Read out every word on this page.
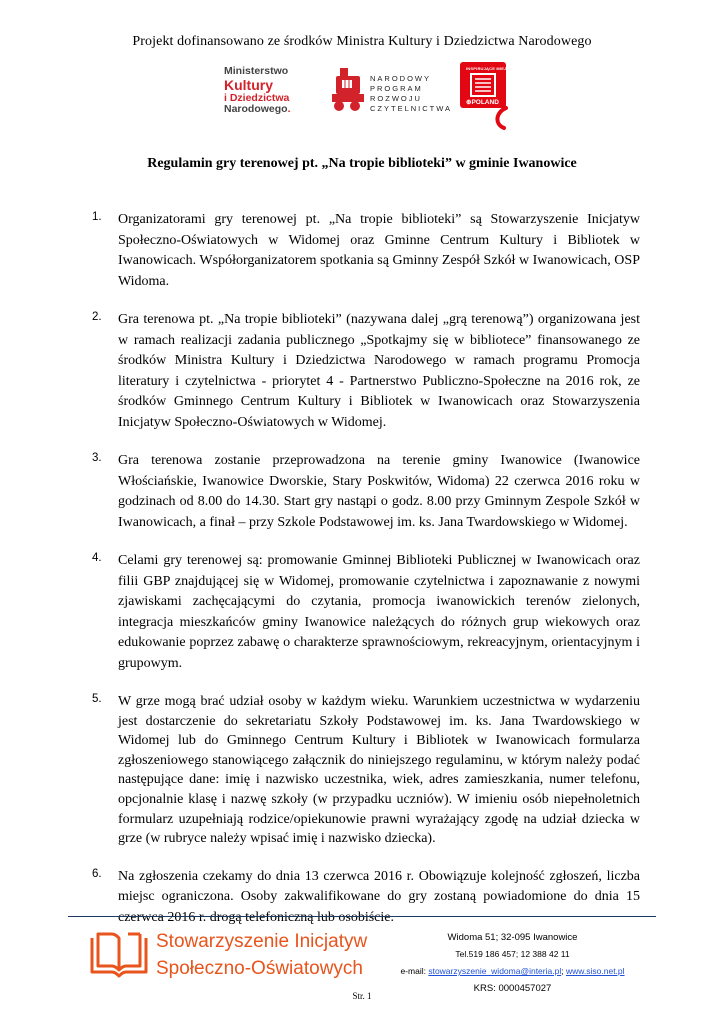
Projekt dofinansowano ze środków Ministra Kultury i Dziedzictwa Narodowego
Ministerstwo
Kultury
i Dziedzictwa
Narodowego.
NARODOWY
PROGRAM
ROZWOJU
CZYTELNICTWA
INSPIRUJĄCE MIEJSCE
⊕POLAND
Regulamin gry terenowej pt. „Na tropie biblioteki” w gminie Iwanowice
1. Organizatorami gry terenowej pt. „Na tropie biblioteki” są Stowarzyszenie Inicjatyw Społeczno-Oświatowych w Widomej oraz Gminne Centrum Kultury i Bibliotek w Iwanowicach. Współorganizatorem spotkania są Gminny Zespół Szkół w Iwanowicach, OSP Widoma.
2. Gra terenowa pt. „Na tropie biblioteki” (nazywana dalej „grą terenową”) organizowana jest w ramach realizacji zadania publicznego „Spotkajmy się w bibliotece” finansowanego ze środków Ministra Kultury i Dziedzictwa Narodowego w ramach programu Promocja literatury i czytelnictwa - priorytet 4 - Partnerstwo Publiczno-Społeczne na 2016 rok, ze środków Gminnego Centrum Kultury i Bibliotek w Iwanowicach oraz Stowarzyszenia Inicjatyw Społeczno-Oświatowych w Widomej.
3. Gra terenowa zostanie przeprowadzona na terenie gminy Iwanowice (Iwanowice Włościańskie, Iwanowice Dworskie, Stary Poskwitów, Widoma) 22 czerwca 2016 roku w godzinach od 8.00 do 14.30. Start gry nastąpi o godz. 8.00 przy Gminnym Zespole Szkół w Iwanowicach, a finał – przy Szkole Podstawowej im. ks. Jana Twardowskiego w Widomej.
4. Celami gry terenowej są: promowanie Gminnej Biblioteki Publicznej w Iwanowicach oraz filii GBP znajdującej się w Widomej, promowanie czytelnictwa i zapoznawanie z nowymi zjawiskami zachęcającymi do czytania, promocja iwanowickich terenów zielonych, integracja mieszkańców gminy Iwanowice należących do różnych grup wiekowych oraz edukowanie poprzez zabawę o charakterze sprawnościowym, rekreacyjnym, orientacyjnym i grupowym.
5. W grze mogą brać udział osoby w każdym wieku. Warunkiem uczestnictwa w wydarzeniu jest dostarczenie do sekretariatu Szkoły Podstawowej im. ks. Jana Twardowskiego w Widomej lub do Gminnego Centrum Kultury i Bibliotek w Iwanowicach formularza zgłoszeniowego stanowiącego załącznik do niniejszego regulaminu, w którym należy podać następujące dane: imię i nazwisko uczestnika, wiek, adres zamieszkania, numer telefonu, opcjonalnie klasę i nazwę szkoły (w przypadku uczniów). W imieniu osób niepełnoletnich formularz uzupełniają rodzice/opiekunowie prawni wyrażający zgodę na udział dziecka w grze (w rubryce należy wpisać imię i nazwisko dziecka).
6. Na zgłoszenia czekamy do dnia 13 czerwca 2016 r. Obowiązuje kolejność zgłoszeń, liczba miejsc ograniczona. Osoby zakwalifikowane do gry zostaną powiadomione do dnia 15 czerwca 2016 r. drogą telefoniczną lub osobiście.
Stowarzyszenie Inicjatyw
Społeczno-Oświatowych
Widoma 51; 32-095 Iwanowice
Tel.519 186 457; 12 388 42 11
e-mail: stowarzyszenie_widoma@interia.pl; www.siso.net.pl
KRS: 0000457027
Str. 1
